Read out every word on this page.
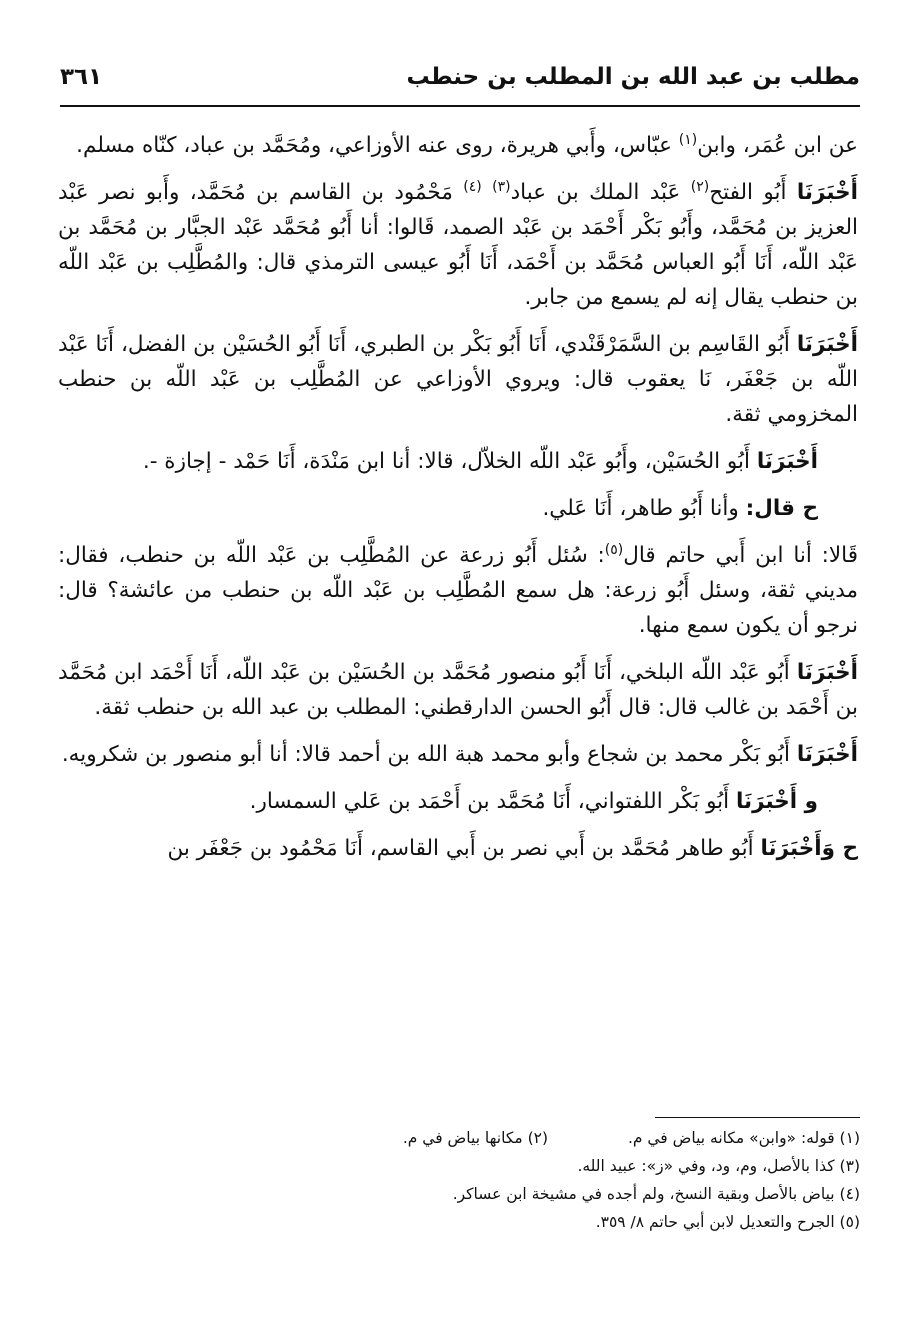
مطلب بن عبد الله بن المطلب بن حنطب
٣٦١

عن ابن عُمَر، وابن$^{(١)}$ عبّاس، وأَبي هريرة، روى عنه الأوزاعي، ومُحَمَّد بن عباد، كنّاه مسلم.

أَخْبَرَنَا أَبُو الفتح$^{(٢)}$ عَبْد الملك بن عباد$^{(٣)}$ $^{(٤)}$ مَحْمُود بن القاسم بن مُحَمَّد، وأَبو نصر عَبْد العزيز بن مُحَمَّد، وأَبُو بَكْر أَحْمَد بن عَبْد الصمد، قَالوا: أنا أَبُو مُحَمَّد عَبْد الجبَّار بن مُحَمَّد بن عَبْد اللّه، أَنَا أَبُو العباس مُحَمَّد بن أَحْمَد، أَنَا أَبُو عيسى الترمذي قال: والمُطَّلِب بن عَبْد اللّه بن حنطب يقال إنه لم يسمع من جابر.

أَخْبَرَنَا أَبُو القَاسِم بن السَّمَرْقَنْدي، أَنَا أَبُو بَكْر بن الطبري، أَنَا أَبُو الحُسَيْن بن الفضل، أَنَا عَبْد اللّه بن جَعْفَر، نَا يعقوب قال: ويروي الأوزاعي عن المُطَّلِب بن عَبْد اللّه بن حنطب المخزومي ثقة.

أَخْبَرَنَا أَبُو الحُسَيْن، وأَبُو عَبْد اللّه الخلاّل، قالا: أنا ابن مَنْدَة، أَنَا حَمْد - إجازة -.

ح قال: وأنا أَبُو طاهر، أَنَا عَلي.

قَالا: أنا ابن أَبي حاتم قال$^{(٥)}$: سُئل أَبُو زرعة عن المُطَّلِب بن عَبْد اللّه بن حنطب، فقال: مديني ثقة، وسئل أَبُو زرعة: هل سمع المُطَّلِب بن عَبْد اللّه بن حنطب من عائشة؟ قال: نرجو أن يكون سمع منها.

أَخْبَرَنَا أَبُو عَبْد اللّه البلخي، أَنَا أَبُو منصور مُحَمَّد بن الحُسَيْن بن عَبْد اللّه، أَنَا أَحْمَد ابن مُحَمَّد بن أَحْمَد بن غالب قال: قال أَبُو الحسن الدارقطني: المطلب بن عبد الله بن حنطب ثقة.

أَخْبَرَنَا أَبُو بَكْر محمد بن شجاع وأبو محمد هبة الله بن أحمد قالا: أنا أبو منصور بن شكرويه.

و أَخْبَرَنَا أَبُو بَكْر اللفتواني، أَنَا مُحَمَّد بن أَحْمَد بن عَلي السمسار.

ح وَأَخْبَرَنَا أَبُو طاهر مُحَمَّد بن أَبي نصر بن أَبي القاسم، أَنَا مَحْمُود بن جَعْفَر بن

(١) قوله: «وابن» مكانه بياض في م.  (٢) مكانها بياض في م.
(٣) كذا بالأصل، وم، ود، وفي «ز»: عبيد الله.
(٤) بياض بالأصل وبقية النسخ، ولم أجده في مشيخة ابن عساكر.
(٥) الجرح والتعديل لابن أبي حاتم ٨/ ٣٥٩.
